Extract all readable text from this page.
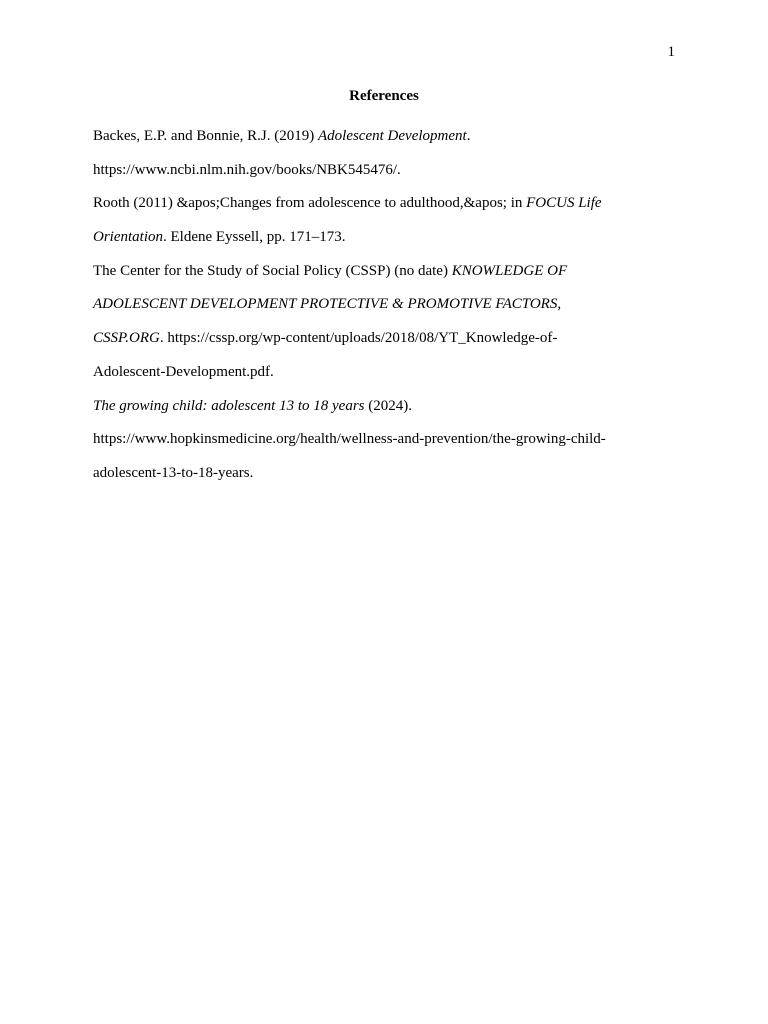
1
References

Backes, E.P. and Bonnie, R.J. (2019) Adolescent Development.
https://www.ncbi.nlm.nih.gov/books/NBK545476/.

Rooth (2011) &apos;Changes from adolescence to adulthood,&apos; in FOCUS Life
Orientation. Eldene Eyssell, pp. 171–173.

The Center for the Study of Social Policy (CSSP) (no date) KNOWLEDGE OF
ADOLESCENT DEVELOPMENT PROTECTIVE & PROMOTIVE FACTORS,
CSSP.ORG. https://cssp.org/wp-content/uploads/2018/08/YT_Knowledge-of-
Adolescent-Development.pdf.

The growing child: adolescent 13 to 18 years (2024).
https://www.hopkinsmedicine.org/health/wellness-and-prevention/the-growing-child-
adolescent-13-to-18-years.
